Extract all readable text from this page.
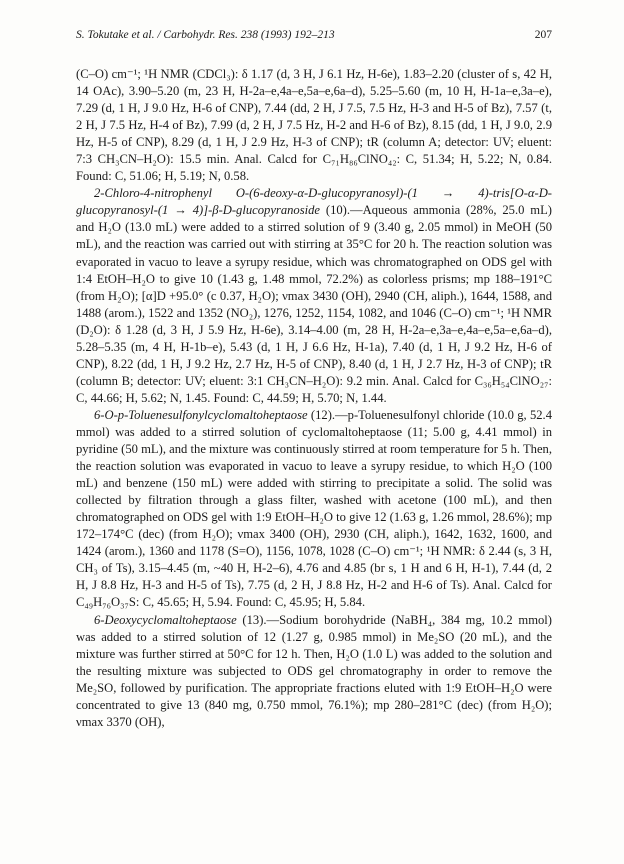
S. Tokutake et al. / Carbohydr. Res. 238 (1993) 192–213	207

(C–O) cm⁻¹; ¹H NMR (CDCl₃): δ 1.17 (d, 3 H, J 6.1 Hz, H-6e), 1.83–2.20 (cluster of s, 42 H, 14 OAc), 3.90–5.20 (m, 23 H, H-2a–e,4a–e,5a–e,6a–d), 5.25–5.60 (m, 10 H, H-1a–e,3a–e), 7.29 (d, 1 H, J 9.0 Hz, H-6 of CNP), 7.44 (dd, 2 H, J 7.5, 7.5 Hz, H-3 and H-5 of Bz), 7.57 (t, 2 H, J 7.5 Hz, H-4 of Bz), 7.99 (d, 2 H, J 7.5 Hz, H-2 and H-6 of Bz), 8.15 (dd, 1 H, J 9.0, 2.9 Hz, H-5 of CNP), 8.29 (d, 1 H, J 2.9 Hz, H-3 of CNP); tR (column A; detector: UV; eluent: 7:3 CH₃CN–H₂O): 15.5 min. Anal. Calcd for C₇₁H₈₆ClNO₄₂: C, 51.34; H, 5.22; N, 0.84. Found: C, 51.06; H, 5.19; N, 0.58.

2-Chloro-4-nitrophenyl O-(6-deoxy-α-D-glucopyranosyl)-(1 → 4)-tris[O-α-D-glucopyranosyl-(1 → 4)]-β-D-glucopyranoside (10).—Aqueous ammonia (28%, 25.0 mL) and H₂O (13.0 mL) were added to a stirred solution of 9 (3.40 g, 2.05 mmol) in MeOH (50 mL), and the reaction was carried out with stirring at 35°C for 20 h. The reaction solution was evaporated in vacuo to leave a syrupy residue, which was chromatographed on ODS gel with 1:4 EtOH–H₂O to give 10 (1.43 g, 1.48 mmol, 72.2%) as colorless prisms; mp 188–191°C (from H₂O); [α]D +95.0° (c 0.37, H₂O); νmax 3430 (OH), 2940 (CH, aliph.), 1644, 1588, and 1488 (arom.), 1522 and 1352 (NO₂), 1276, 1252, 1154, 1082, and 1046 (C–O) cm⁻¹; ¹H NMR (D₂O): δ 1.28 (d, 3 H, J 5.9 Hz, H-6e), 3.14–4.00 (m, 28 H, H-2a–e,3a–e,4a–e,5a–e,6a–d), 5.28–5.35 (m, 4 H, H-1b–e), 5.43 (d, 1 H, J 6.6 Hz, H-1a), 7.40 (d, 1 H, J 9.2 Hz, H-6 of CNP), 8.22 (dd, 1 H, J 9.2 Hz, 2.7 Hz, H-5 of CNP), 8.40 (d, 1 H, J 2.7 Hz, H-3 of CNP); tR (column B; detector: UV; eluent: 3:1 CH₃CN–H₂O): 9.2 min. Anal. Calcd for C₃₆H₅₄ClNO₂₇: C, 44.66; H, 5.62; N, 1.45. Found: C, 44.59; H, 5.70; N, 1.44.

6-O-p-Toluenesulfonylcyclomaltoheptaose (12).—p-Toluenesulfonyl chloride (10.0 g, 52.4 mmol) was added to a stirred solution of cyclomaltoheptaose (11; 5.00 g, 4.41 mmol) in pyridine (50 mL), and the mixture was continuously stirred at room temperature for 5 h. Then, the reaction solution was evaporated in vacuo to leave a syrupy residue, to which H₂O (100 mL) and benzene (150 mL) were added with stirring to precipitate a solid. The solid was collected by filtration through a glass filter, washed with acetone (100 mL), and then chromatographed on ODS gel with 1:9 EtOH–H₂O to give 12 (1.63 g, 1.26 mmol, 28.6%); mp 172–174°C (dec) (from H₂O); νmax 3400 (OH), 2930 (CH, aliph.), 1642, 1632, 1600, and 1424 (arom.), 1360 and 1178 (S=O), 1156, 1078, 1028 (C–O) cm⁻¹; ¹H NMR: δ 2.44 (s, 3 H, CH₃ of Ts), 3.15–4.45 (m, ~40 H, H-2–6), 4.76 and 4.85 (br s, 1 H and 6 H, H-1), 7.44 (d, 2 H, J 8.8 Hz, H-3 and H-5 of Ts), 7.75 (d, 2 H, J 8.8 Hz, H-2 and H-6 of Ts). Anal. Calcd for C₄₉H₇₆O₃₇S: C, 45.65; H, 5.94. Found: C, 45.95; H, 5.84.

6-Deoxycyclomaltoheptaose (13).—Sodium borohydride (NaBH₄, 384 mg, 10.2 mmol) was added to a stirred solution of 12 (1.27 g, 0.985 mmol) in Me₂SO (20 mL), and the mixture was further stirred at 50°C for 12 h. Then, H₂O (1.0 L) was added to the solution and the resulting mixture was subjected to ODS gel chromatography in order to remove the Me₂SO, followed by purification. The appropriate fractions eluted with 1:9 EtOH–H₂O were concentrated to give 13 (840 mg, 0.750 mmol, 76.1%); mp 280–281°C (dec) (from H₂O); νmax 3370 (OH),
